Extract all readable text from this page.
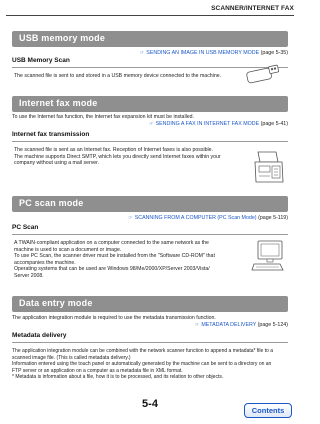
SCANNER/INTERNET FAX
USB memory mode
☞ SENDING AN IMAGE IN USB MEMORY MODE (page 5-35)
USB Memory Scan
The scanned file is sent to and stored in a USB memory device connected to the machine.
Internet fax mode
To use the Internet fax function, the Internet fax expansion kit must be installed.
☞ SENDING A FAX IN INTERNET FAX MODE (page 5-41)
Internet fax transmission
The scanned file is sent as an Internet fax. Reception of Internet faxes is also possible.
The machine supports Direct SMTP, which lets you directly send Internet faxes within your
company without using a mail server.
PC scan mode
☞ SCANNING FROM A COMPUTER (PC Scan Mode) (page 5-119)
PC Scan
A TWAIN-compliant application on a computer connected to the same network as the
machine is used to scan a document or image.
To use PC Scan, the scanner driver must be installed from the "Software CD-ROM" that
accompanies the machine.
Operating systems that can be used are Windows 98/Me/2000/XP/Server 2003/Vista/
Server 2008.
Data entry mode
The application integration module is required to use the metadata transmission function.
☞ METADATA DELIVERY (page 5-124)
Metadata delivery
The application integration module can be combined with the network scanner function to append a metadata* file to a
scanned image file. (This is called metadata delivery.)
Information entered using the touch panel or automatically generated by the machine can be sent to a directory on an
FTP server or an application on a computer as a metadata file in XML format.
* Metadata is information about a file, how it is to be processed, and its relation to other objects.
5-4
Contents
